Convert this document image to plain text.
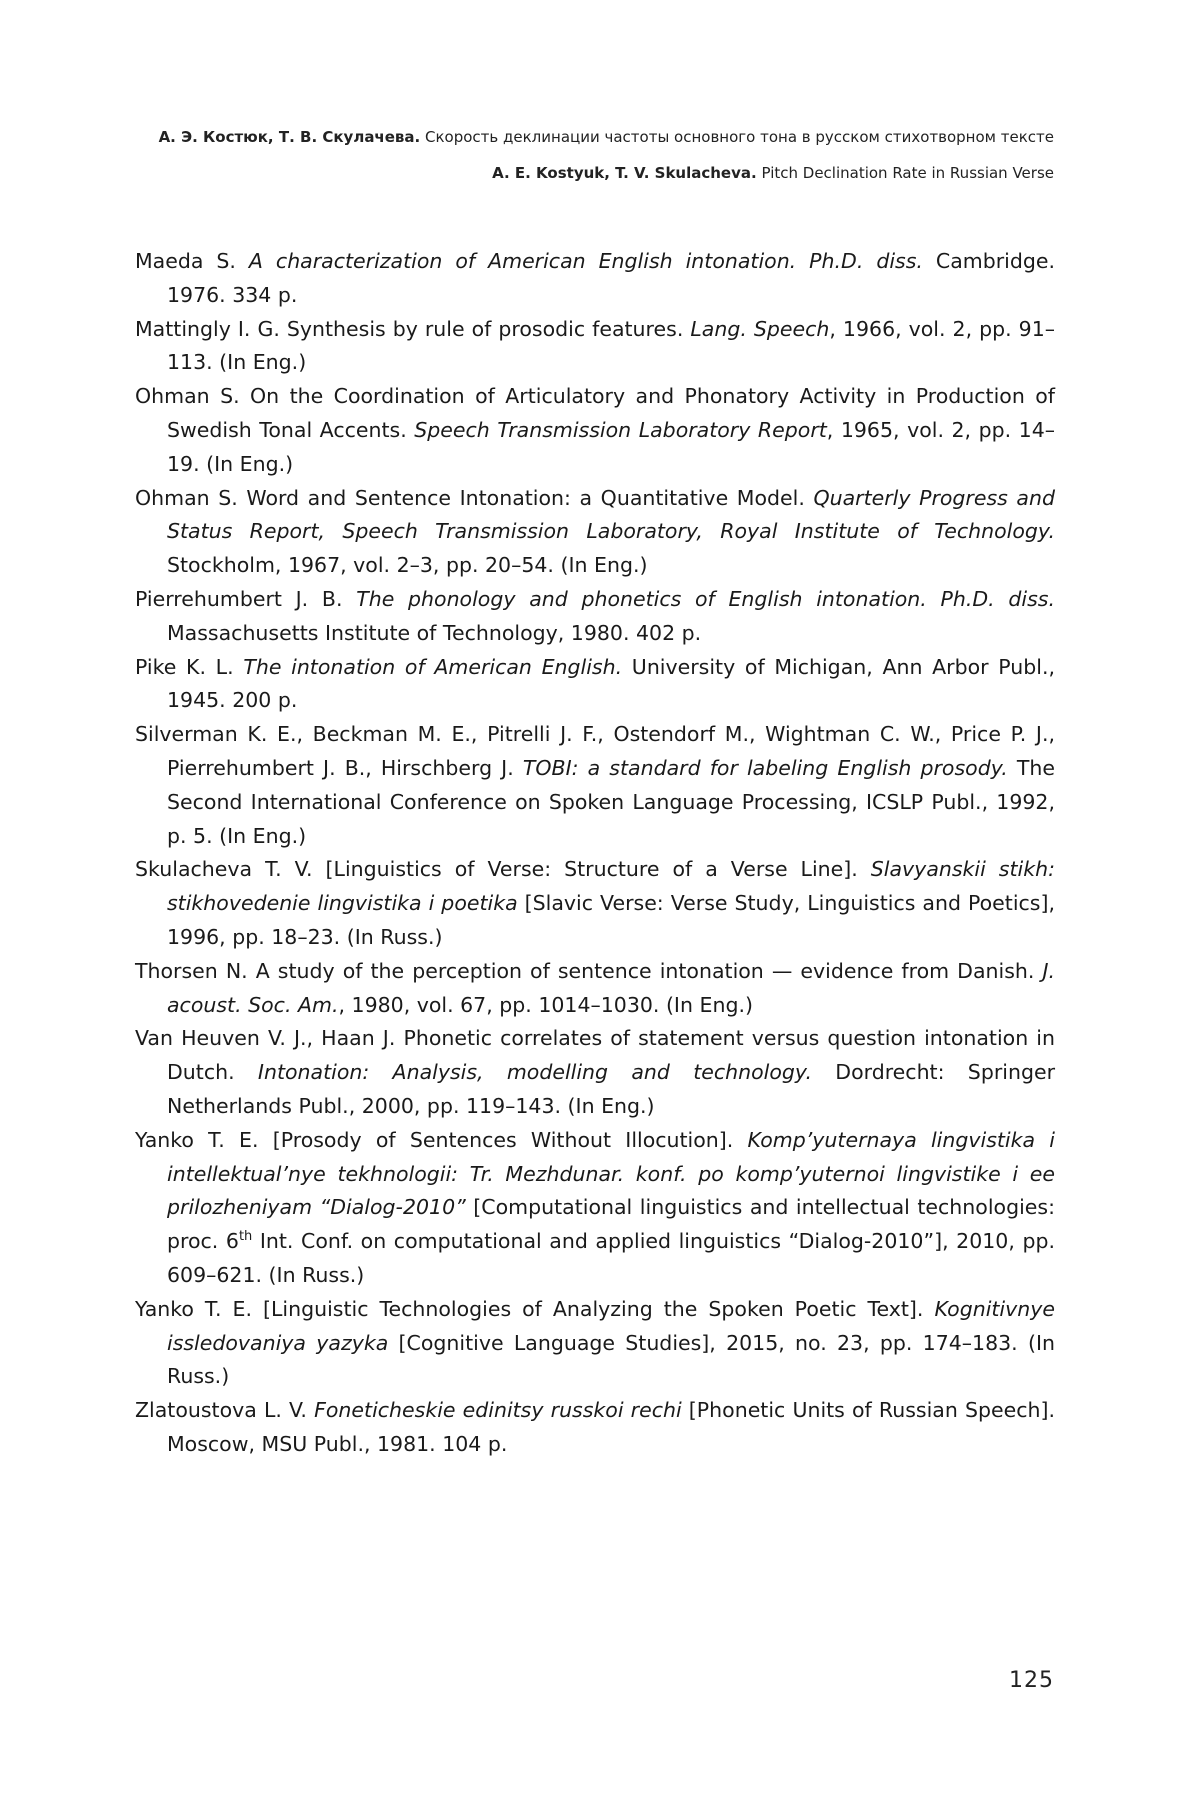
А. Э. Костюк, Т. В. Скулачева. Скорость деклинации частоты основного тона в русском стихотворном тексте
A. E. Kostyuk, T. V. Skulacheva. Pitch Declination Rate in Russian Verse

Maeda S. A characterization of American English intonation. Ph.D. diss. Cambridge. 1976. 334 p.

Mattingly I. G. Synthesis by rule of prosodic features. Lang. Speech, 1966, vol. 2, pp. 91–113. (In Eng.)

Ohman S. On the Coordination of Articulatory and Phonatory Activity in Production of Swedish Tonal Accents. Speech Transmission Laboratory Report, 1965, vol. 2, pp. 14–19. (In Eng.)

Ohman S. Word and Sentence Intonation: a Quantitative Model. Quarterly Progress and Status Report, Speech Transmission Laboratory, Royal Institute of Technology. Stockholm, 1967, vol. 2–3, pp. 20–54. (In Eng.)

Pierrehumbert J. B. The phonology and phonetics of English intonation. Ph.D. diss. Massachusetts Institute of Technology, 1980. 402 p.

Pike K. L. The intonation of American English. University of Michigan, Ann Arbor Publ., 1945. 200 p.

Silverman K. E., Beckman M. E., Pitrelli J. F., Ostendorf M., Wightman C. W., Price P. J., Pierrehumbert J. B., Hirschberg J. TOBI: a standard for labeling English prosody. The Second International Conference on Spoken Language Processing, ICSLP Publ., 1992, p. 5. (In Eng.)

Skulacheva T. V. [Linguistics of Verse: Structure of a Verse Line]. Slavyanskii stikh: stikhovedenie lingvistika i poetika [Slavic Verse: Verse Study, Linguistics and Poetics], 1996, pp. 18–23. (In Russ.)

Thorsen N. A study of the perception of sentence intonation — evidence from Danish. J. acoust. Soc. Am., 1980, vol. 67, pp. 1014–1030. (In Eng.)

Van Heuven V. J., Haan J. Phonetic correlates of statement versus question intonation in Dutch. Intonation: Analysis, modelling and technology. Dordrecht: Springer Netherlands Publ., 2000, pp. 119–143. (In Eng.)

Yanko T. E. [Prosody of Sentences Without Illocution]. Komp’yuternaya lingvistika i intellektual’nye tekhnologii: Tr. Mezhdunar. konf. po komp’yuternoi lingvistike i ee prilozheniyam “Dialog-2010” [Computational linguistics and intellectual technologies: proc. 6th Int. Conf. on computational and applied linguistics “Dialog-2010”], 2010, pp. 609–621. (In Russ.)

Yanko T. E. [Linguistic Technologies of Analyzing the Spoken Poetic Text]. Kognitivnye issledovaniya yazyka [Cognitive Language Studies], 2015, no. 23, pp. 174–183. (In Russ.)

Zlatoustova L. V. Foneticheskie edinitsy russkoi rechi [Phonetic Units of Russian Speech]. Moscow, MSU Publ., 1981. 104 p.

125
